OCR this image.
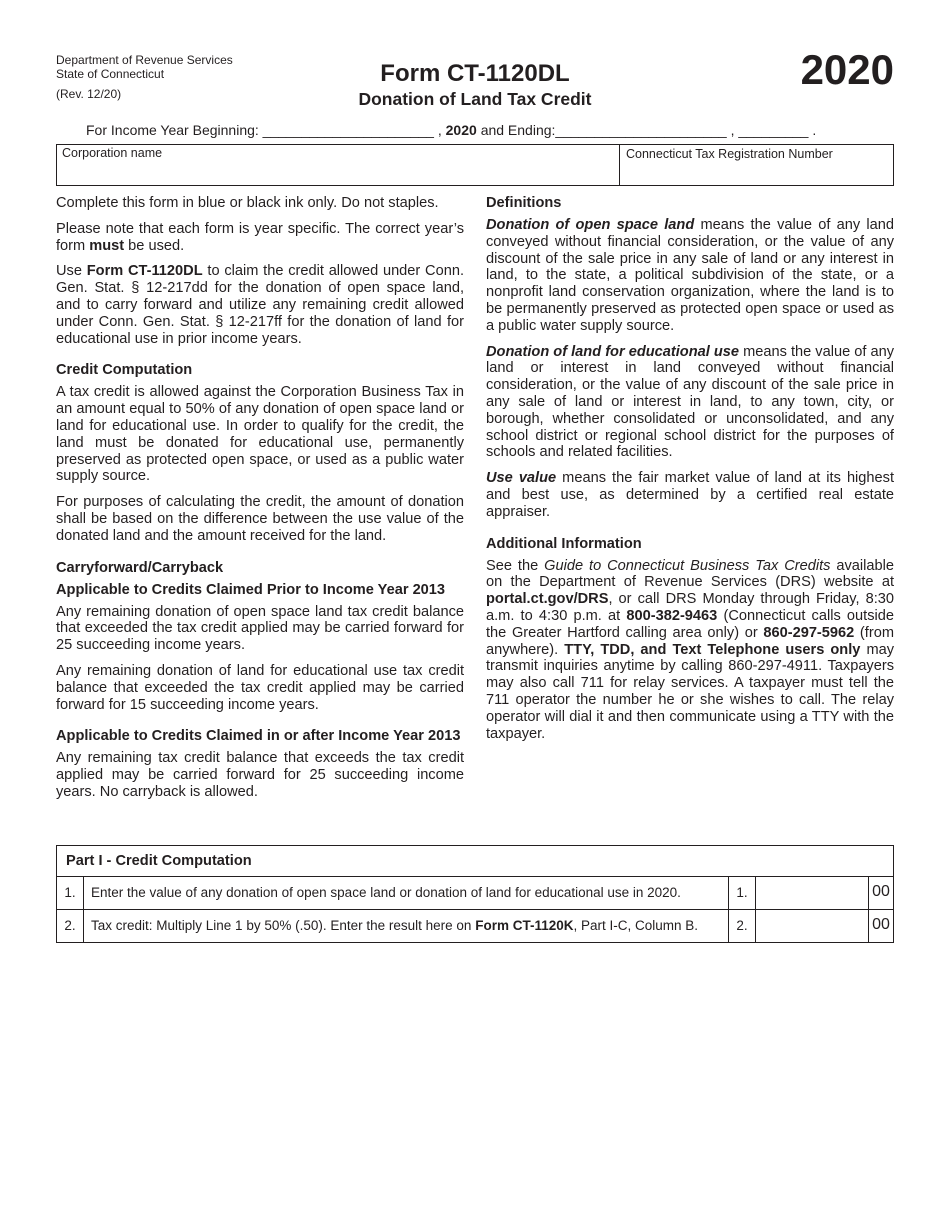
Department of Revenue Services
State of Connecticut
(Rev. 12/20)
Form CT-1120DL
Donation of Land Tax Credit
2020
For Income Year Beginning: ______________________ , 2020 and Ending:______________________ , _________ .
Corporation name	Connecticut Tax Registration Number

Complete this form in blue or black ink only. Do not staples.

Please note that each form is year specific. The correct year’s form must be used.

Use Form CT-1120DL to claim the credit allowed under Conn. Gen. Stat. § 12-217dd for the donation of open space land, and to carry forward and utilize any remaining credit allowed under Conn. Gen. Stat. § 12-217ff for the donation of land for educational use in prior income years.

Credit Computation

A tax credit is allowed against the Corporation Business Tax in an amount equal to 50% of any donation of open space land or land for educational use. In order to qualify for the credit, the land must be donated for educational use, permanently preserved as protected open space, or used as a public water supply source.

For purposes of calculating the credit, the amount of donation shall be based on the difference between the use value of the donated land and the amount received for the land.

Carryforward/Carryback
Applicable to Credits Claimed Prior to Income Year 2013

Any remaining donation of open space land tax credit balance that exceeded the tax credit applied may be carried forward for 25 succeeding income years.

Any remaining donation of land for educational use tax credit balance that exceeded the tax credit applied may be carried forward for 15 succeeding income years.

Applicable to Credits Claimed in or after Income Year 2013

Any remaining tax credit balance that exceeds the tax credit applied may be carried forward for 25 succeeding income years. No carryback is allowed.

Definitions

Donation of open space land means the value of any land conveyed without financial consideration, or the value of any discount of the sale price in any sale of land or any interest in land, to the state, a political subdivision of the state, or a nonprofit land conservation organization, where the land is to be permanently preserved as protected open space or used as a public water supply source.

Donation of land for educational use means the value of any land or interest in land conveyed without financial consideration, or the value of any discount of the sale price in any sale of land or interest in land, to any town, city, or borough, whether consolidated or unconsolidated, and any school district or regional school district for the purposes of schools and related facilities.

Use value means the fair market value of land at its highest and best use, as determined by a certified real estate appraiser.

Additional Information

See the Guide to Connecticut Business Tax Credits available on the Department of Revenue Services (DRS) website at portal.ct.gov/DRS, or call DRS Monday through Friday, 8:30 a.m. to 4:30 p.m. at 800-382-9463 (Connecticut calls outside the Greater Hartford calling area only) or 860-297-5962 (from anywhere). TTY, TDD, and Text Telephone users only may transmit inquiries anytime by calling 860-297-4911. Taxpayers may also call 711 for relay services. A taxpayer must tell the 711 operator the number he or she wishes to call. The relay operator will dial it and then communicate using a TTY with the taxpayer.

Part I - Credit Computation
1.	Enter the value of any donation of open space land or donation of land for educational use in 2020.	1.	00
2.	Tax credit: Multiply Line 1 by 50% (.50). Enter the result here on Form CT-1120K, Part I-C, Column B.	2.	00
